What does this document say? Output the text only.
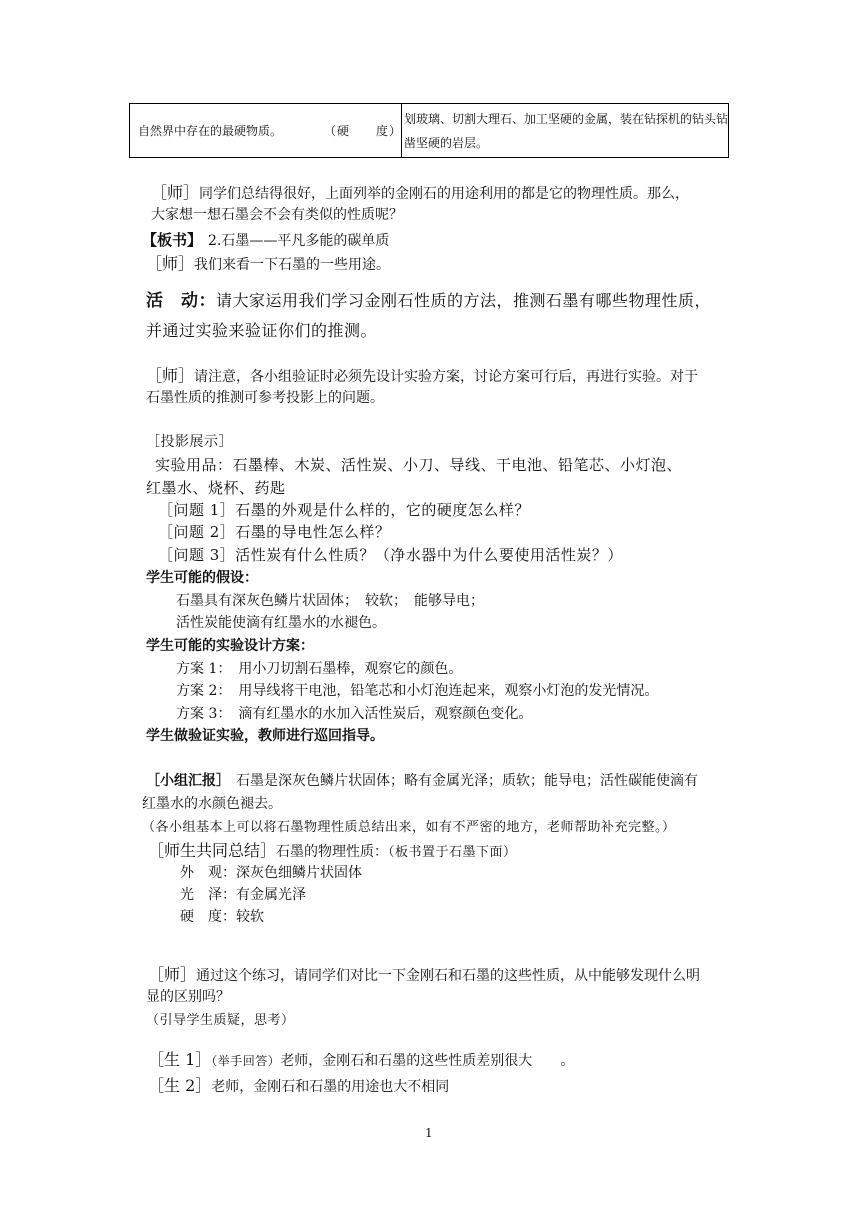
自然界中存在的最硬物质。	（硬　　度）	划玻璃、切割大理石、加工坚硬的金属，装在钻探机的钻头钻凿坚硬的岩层。
［师］同学们总结得很好，上面列举的金刚石的用途利用的都是它的物理性质。那么，
大家想一想石墨会不会有类似的性质呢？
【板书】 2.石墨——平凡多能的碳单质
［师］我们来看一下石墨的一些用途。
活　动：请大家运用我们学习金刚石性质的方法，推测石墨有哪些物理性质，
并通过实验来验证你们的推测。
［师］请注意，各小组验证时必须先设计实验方案，讨论方案可行后，再进行实验。对于
石墨性质的推测可参考投影上的问题。
［投影展示］
实验用品：石墨棒、木炭、活性炭、小刀、导线、干电池、铅笔芯、小灯泡、
红墨水、烧杯、药匙
［问题 1］石墨的外观是什么样的，它的硬度怎么样？
［问题 2］石墨的导电性怎么样？
［问题 3］活性炭有什么性质？（净水器中为什么要使用活性炭？）
学生可能的假设：
石墨具有深灰色鳞片状固体；　较软；　能够导电；
活性炭能使滴有红墨水的水褪色。
学生可能的实验设计方案：
方案 1：　用小刀切割石墨棒，观察它的颜色。
方案 2：　用导线将干电池，铅笔芯和小灯泡连起来，观察小灯泡的发光情况。
方案 3：　滴有红墨水的水加入活性炭后，观察颜色变化。
学生做验证实验，教师进行巡回指导。
［小组汇报］ 石墨是深灰色鳞片状固体；略有金属光泽；质软；能导电；活性碳能使滴有
红墨水的水颜色褪去。
（各小组基本上可以将石墨物理性质总结出来，如有不严密的地方，老师帮助补充完整。）
［师生共同总结］石墨的物理性质：（板书置于石墨下面）
外　观：深灰色细鳞片状固体
光　泽：有金属光泽
硬　度：较软
［师］通过这个练习，请同学们对比一下金刚石和石墨的这些性质，从中能够发现什么明
显的区别吗？
（引导学生质疑，思考）
［生 1］（举手回答）老师，金刚石和石墨的这些性质差别很大　　。
［生 2］老师，金刚石和石墨的用途也大不相同
1
